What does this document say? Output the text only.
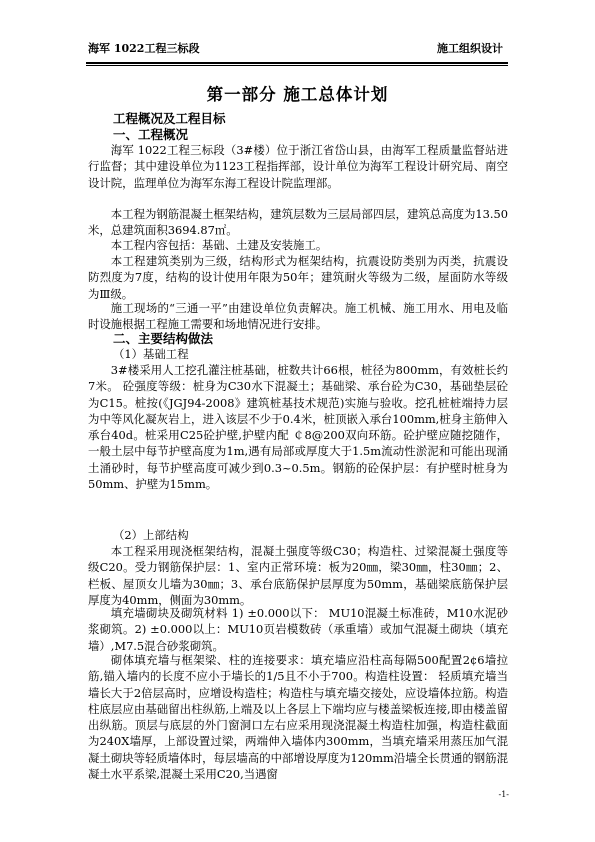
海军 1022工程三标段	施工组织设计
第一部分 施工总体计划
工程概况及工程目标
一、工程概况

海军 1022工程三标段（3#楼）位于浙江省岱山县，由海军工程质量监督站进行监督；其中建设单位为1123工程指挥部，设计单位为海军工程设计研究局、南空设计院，监理单位为海军东海工程设计院监理部。

本工程为钢筋混凝土框架结构，建筑层数为三层局部四层，建筑总高度为13.50米，总建筑面积3694.87㎡。

本工程内容包括：基础、土建及安装施工。

本工程建筑类别为三级，结构形式为框架结构，抗震设防类别为丙类，抗震设防烈度为7度，结构的设计使用年限为50年；建筑耐火等级为二级，屋面防水等级为Ⅲ级。

施工现场的“三通一平”由建设单位负责解决。施工机械、施工用水、用电及临时设施根据工程施工需要和场地情况进行安排。

二、主要结构做法
（1）基础工程

3#楼采用人工挖孔灌注桩基础，桩数共计66根，桩径为800mm，有效桩长约7米。 砼强度等级：桩身为C30水下混凝土；基础梁、承台砼为C30，基础垫层砼为C15。桩按(《JGJ94-2008》建筑桩基技术规范)实施与验收。挖孔桩桩端持力层为中等风化凝灰岩上，进入该层不少于0.4米，桩顶嵌入承台100mm,桩身主筋伸入承台40d。桩采用C25砼护壁,护壁内配 ￠8@200双向环筋。砼护壁应随挖随作，一般土层中每节护壁高度为1m,遇有局部或厚度大于1.5m流动性淤泥和可能出现涌土涌砂时，每节护壁高度可减少到0.3~0.5m。钢筋的砼保护层：有护壁时桩身为50mm、护壁为15mm。

（2）上部结构

本工程采用现浇框架结构，混凝土强度等级C30；构造柱、过梁混凝土强度等级C20。受力钢筋保护层：1、室内正常环境：板为20㎜，梁30㎜，柱30㎜；2、栏板、屋顶女儿墙为30㎜；3、承台底筋保护层厚度为50mm，基础梁底筋保护层厚度为40mm，侧面为30mm。

填充墙砌块及砌筑材料 1) ±0.000以下： MU10混凝土标准砖，M10水泥砂浆砌筑。2) ±0.000以上：MU10页岩模数砖（承重墙）或加气混凝土砌块（填充墙）,M7.5混合砂浆砌筑。

砌体填充墙与框架梁、柱的连接要求：填充墙应沿柱高每隔500配置2¢6墙拉筋,锚入墙内的长度不应小于墙长的1/5且不小于700。构造柱设置： 轻质填充墙当墙长大于2倍层高时，应增设构造柱；构造柱与填充墙交接处，应设墙体拉筋。构造柱底层应由基础留出柱纵筋,上端及以上各层上下端均应与楼盖梁板连接,即由楼盖留出纵筋。顶层与底层的外门窗洞口左右应采用现浇混凝土构造柱加强，构造柱截面为240X墙厚，上部设置过梁，两端伸入墙体内300mm，当填充墙采用蒸压加气混凝土砌块等轻质墙体时，每层墙高的中部增设厚度为120mm沿墙全长贯通的钢筋混凝土水平系梁,混凝土采用C20,当遇窗

-1-
